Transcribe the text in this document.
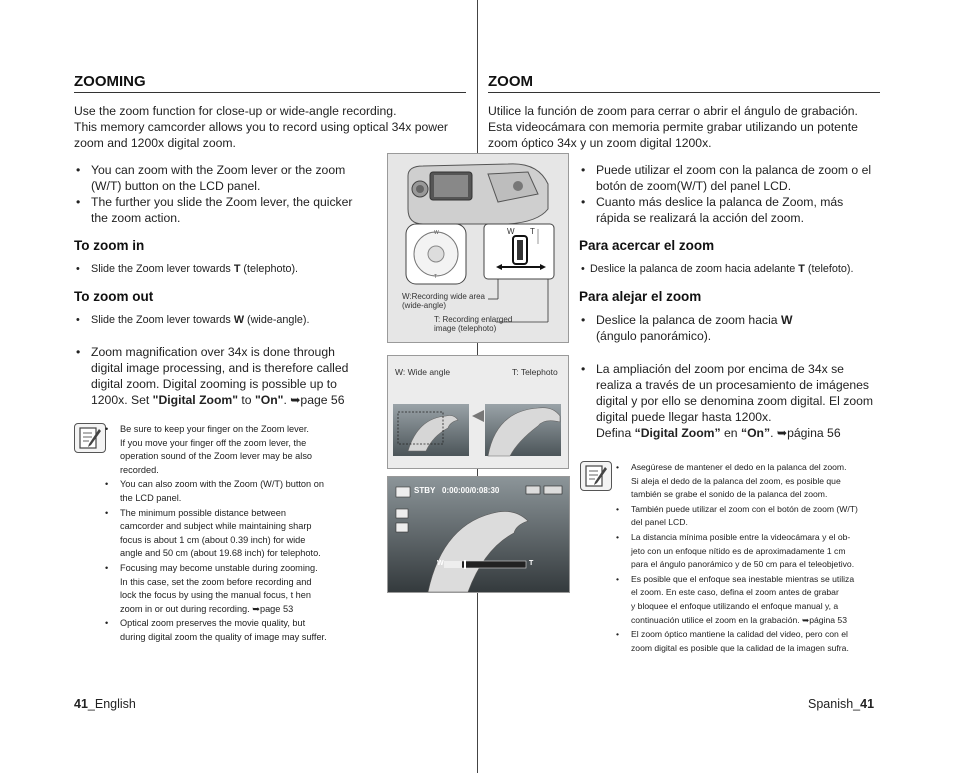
ZOOMING
Use the zoom function for close-up or wide-angle recording.
This memory camcorder allows you to record using optical 34x power
zoom and 1200x digital zoom.
• You can zoom with the Zoom lever or the zoom
(W/T) button on the LCD panel.
• The further you slide the Zoom lever, the quicker
the zoom action.
To zoom in
• Slide the Zoom lever towards T (telephoto).
To zoom out
• Slide the Zoom lever towards W (wide-angle).
• Zoom magnification over 34x is done through
digital image processing, and is therefore called
digital zoom. Digital zooming is possible up to
1200x. Set "Digital Zoom" to "On". ➥page 56
• Be sure to keep your finger on the Zoom lever.
If you move your finger off the zoom lever, the
operation sound of the Zoom lever may be also
recorded.
• You can also zoom with the Zoom (W/T) button on
the LCD panel.
• The minimum possible distance between
camcorder and subject while maintaining sharp
focus is about 1 cm (about 0.39 inch) for wide
angle and 50 cm (about 19.68 inch) for telephoto.
• Focusing may become unstable during zooming.
In this case, set the zoom before recording and
lock the focus by using the manual focus, t hen
zoom in or out during recording. ➥page 53
• Optical zoom preserves the movie quality, but
during digital zoom the quality of image may suffer.
41_English
W
T
W T
W:Recording wide area
(wide-angle)
T: Recording enlarged
image (telephoto)
W: Wide angle	T: Telephoto
STBY 0:00:00/0:08:30
W	T
ZOOM
Utilice la función de zoom para cerrar o abrir el ángulo de grabación.
Esta videocámara con memoria permite grabar utilizando un potente
zoom óptico 34x y un zoom digital 1200x.
• Puede utilizar el zoom con la palanca de zoom o el
botón de zoom(W/T) del panel LCD.
• Cuanto más deslice la palanca de Zoom, más
rápida se realizará la acción del zoom.
Para acercar el zoom
• Deslice la palanca de zoom hacia adelante T (telefoto).
Para alejar el zoom
• Deslice la palanca de zoom hacia W
(ángulo panorámico).
• La ampliación del zoom por encima de 34x se
realiza a través de un procesamiento de imágenes
digital y por ello se denomina zoom digital. El zoom
digital puede llegar hasta 1200x.
Defina “Digital Zoom” en “On”. ➥página 56
• Asegúrese de mantener el dedo en la palanca del zoom.
Si aleja el dedo de la palanca del zoom, es posible que
también se grabe el sonido de la palanca del zoom.
• También puede utilizar el zoom con el botón de zoom (W/T)
del panel LCD.
• La distancia mínima posible entre la videocámara y el ob-
jeto con un enfoque nítido es de aproximadamente 1 cm
para el ángulo panorámico y de 50 cm para el teleobjetivo.
• Es posible que el enfoque sea inestable mientras se utiliza
el zoom. En este caso, defina el zoom antes de grabar
y bloquee el enfoque utilizando el enfoque manual y, a
continuación utilice el zoom en la grabación. ➥página 53
• El zoom óptico mantiene la calidad del video, pero con el
zoom digital es posible que la calidad de la imagen sufra.
Spanish_41
